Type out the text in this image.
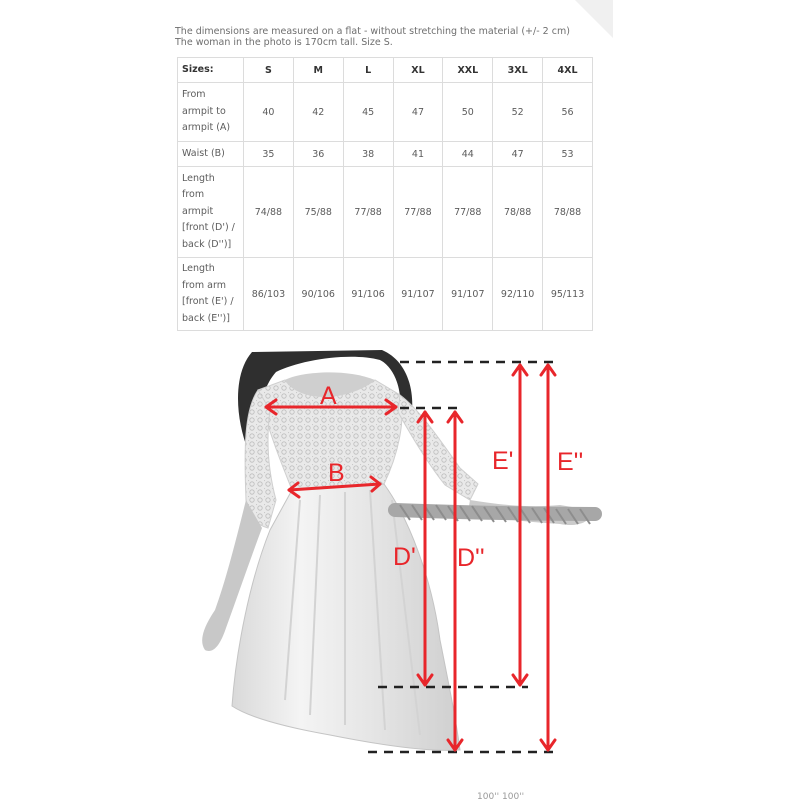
The dimensions are measured on a flat - without stretching the material (+/- 2 cm)
The woman in the photo is 170cm tall. Size S.
Sizes:	S	M	L	XL	XXL	3XL	4XL

From
armpit to
armpit (A)	40	42	45	47	50	52	56

Waist (B)	35	36	38	41	44	47	53

Length
from
armpit
[front (D') /
back (D'')]	74/88	75/88	77/88	77/88	77/88	78/88	78/88

Length
from arm
[front (E') /
back (E'')]	86/103	90/106	91/106	91/107	91/107	92/110	95/113
A
B
D' D''
E' E''
100'' 100''
